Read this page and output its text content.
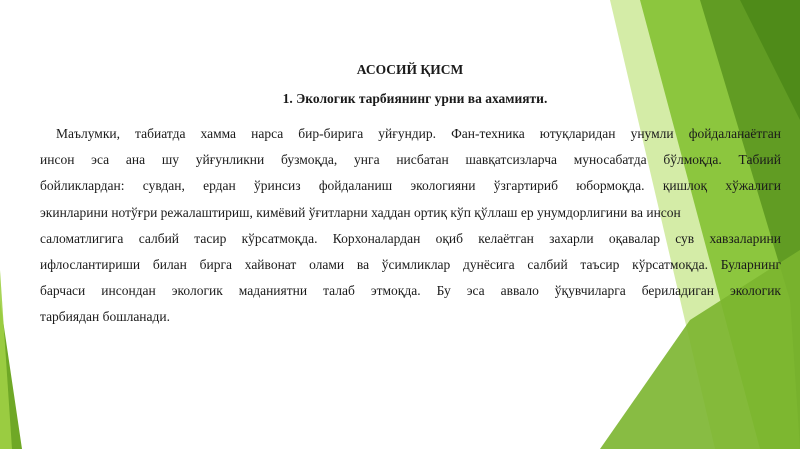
АСОСИЙ ҚИСМ
1. Экологик тарбиянинг урни ва ахамияти.
Маълумки, табиатда хамма нарса бир-бирига уйғундир. Фан-техника ютуқларидан унумли фойдаланаётган
инсон эса ана шу уйғунликни бузмоқда, унга нисбатан шавқатсизларча муносабатда бўлмоқда. Табиий
бойликлардан: сувдан, ердан ўринсиз фойдаланиш экологияни ўзгартириб юбормоқда. қишлоқ хўжалиги
экинларини нотўғри режалаштириш, кимёвий ўғитларни хаддан ортиқ кўп қўллаш ер унумдорлигини ва инсон
саломатлигига салбий тасир кўрсатмоқда. Корхоналардан оқиб келаётган захарли оқавалар сув хавзаларини
ифлослантириши билан бирга хайвонат олами ва ўсимликлар дунёсига салбий таъсир кўрсатмоқда. Буларнинг
барчаси инсондан экологик маданиятни талаб этмоқда. Бу эса аввало ўқувчиларга бериладиган экологик
тарбиядан бошланади.
